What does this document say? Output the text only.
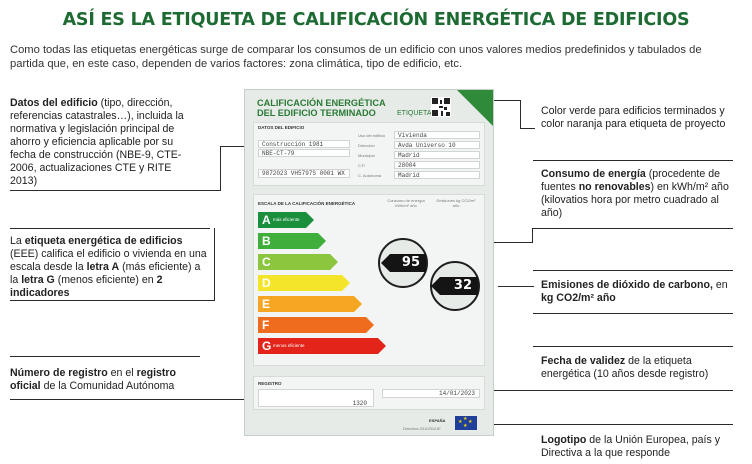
ASÍ ES LA ETIQUETA DE CALIFICACIÓN ENERGÉTICA DE EDIFICIOS
Como todas las etiquetas energéticas surge de comparar los consumos de un edificio con unos valores medios predefinidos y tabulados de partida que, en este caso, dependen de varios factores: zona climática, tipo de edificio, etc.
Datos del edificio (tipo, dirección, referencias catastrales…), incluida la normativa y legislación principal de ahorro y eficiencia aplicable por su fecha de construcción (NBE-9, CTE-2006, actualizaciones CTE y RITE 2013)
La etiqueta energética de edificios (EEE) califica el edificio o vivienda en una escala desde la letra A (más eficiente) a la letra G (menos eficiente) en 2 indicadores
Número de registro en el registro oficial de la Comunidad Autónoma
Color verde para edificios terminados y color naranja para etiqueta de proyecto
Consumo de energía (procedente de fuentes no renovables) en kWh/m² año (kilovatios hora por metro cuadrado al año)
Emisiones de dióxido de carbono, en kg CO2/m² año
Fecha de validez de la etiqueta energética (10 años desde registro)
Logotipo de la Unión Europea, país y Directiva a la que responde
CALIFICACIÓN ENERGÉTICA
DEL EDIFICIO TERMINADO	ETIQUETA
DATOS DEL EDIFICIO
Construcción 1981
NBE-CT-79
9872023 VH5797S 0001 WX
Uso del edificio
Dirección
Municipio
C.P.
C. Autónoma
Vivienda
Avda Universo 10
Madrid
28004
Madrid
ESCALA DE LA CALIFICACIÓN ENERGÉTICA
Consumo de energía kWh/m² año
Emisiones kg CO2/m² año
A más eficiente
B
C
D
E
F
G menos eficiente
95
32
REGISTRO
1320
14/01/2023
ESPAÑA
Directiva 2010/31/UE
★
★ ★
★
